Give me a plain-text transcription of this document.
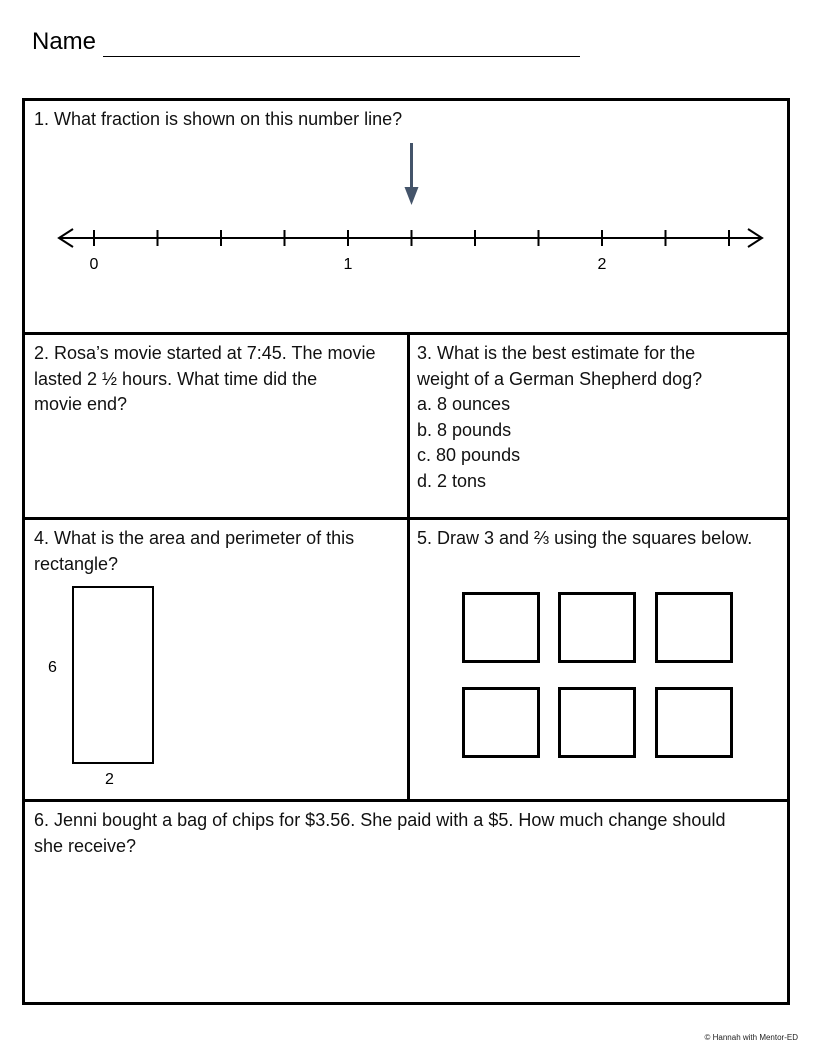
Name

1. What fraction is shown on this number line?

0	1	2

2. Rosa’s movie started at 7:45. The movie

lasted 2 ½ hours. What time did the

movie end?

3. What is the best estimate for the

weight of a German Shepherd dog?

a. 8 ounces

b. 8 pounds

c. 80 pounds

d. 2 tons

4. What is the area and perimeter of this

rectangle?

6
2

5. Draw 3 and ⅔ using the squares below.

6. Jenni bought a bag of chips for $3.56. She paid with a $5. How much change should

she receive?

© Hannah with Mentor-ED
